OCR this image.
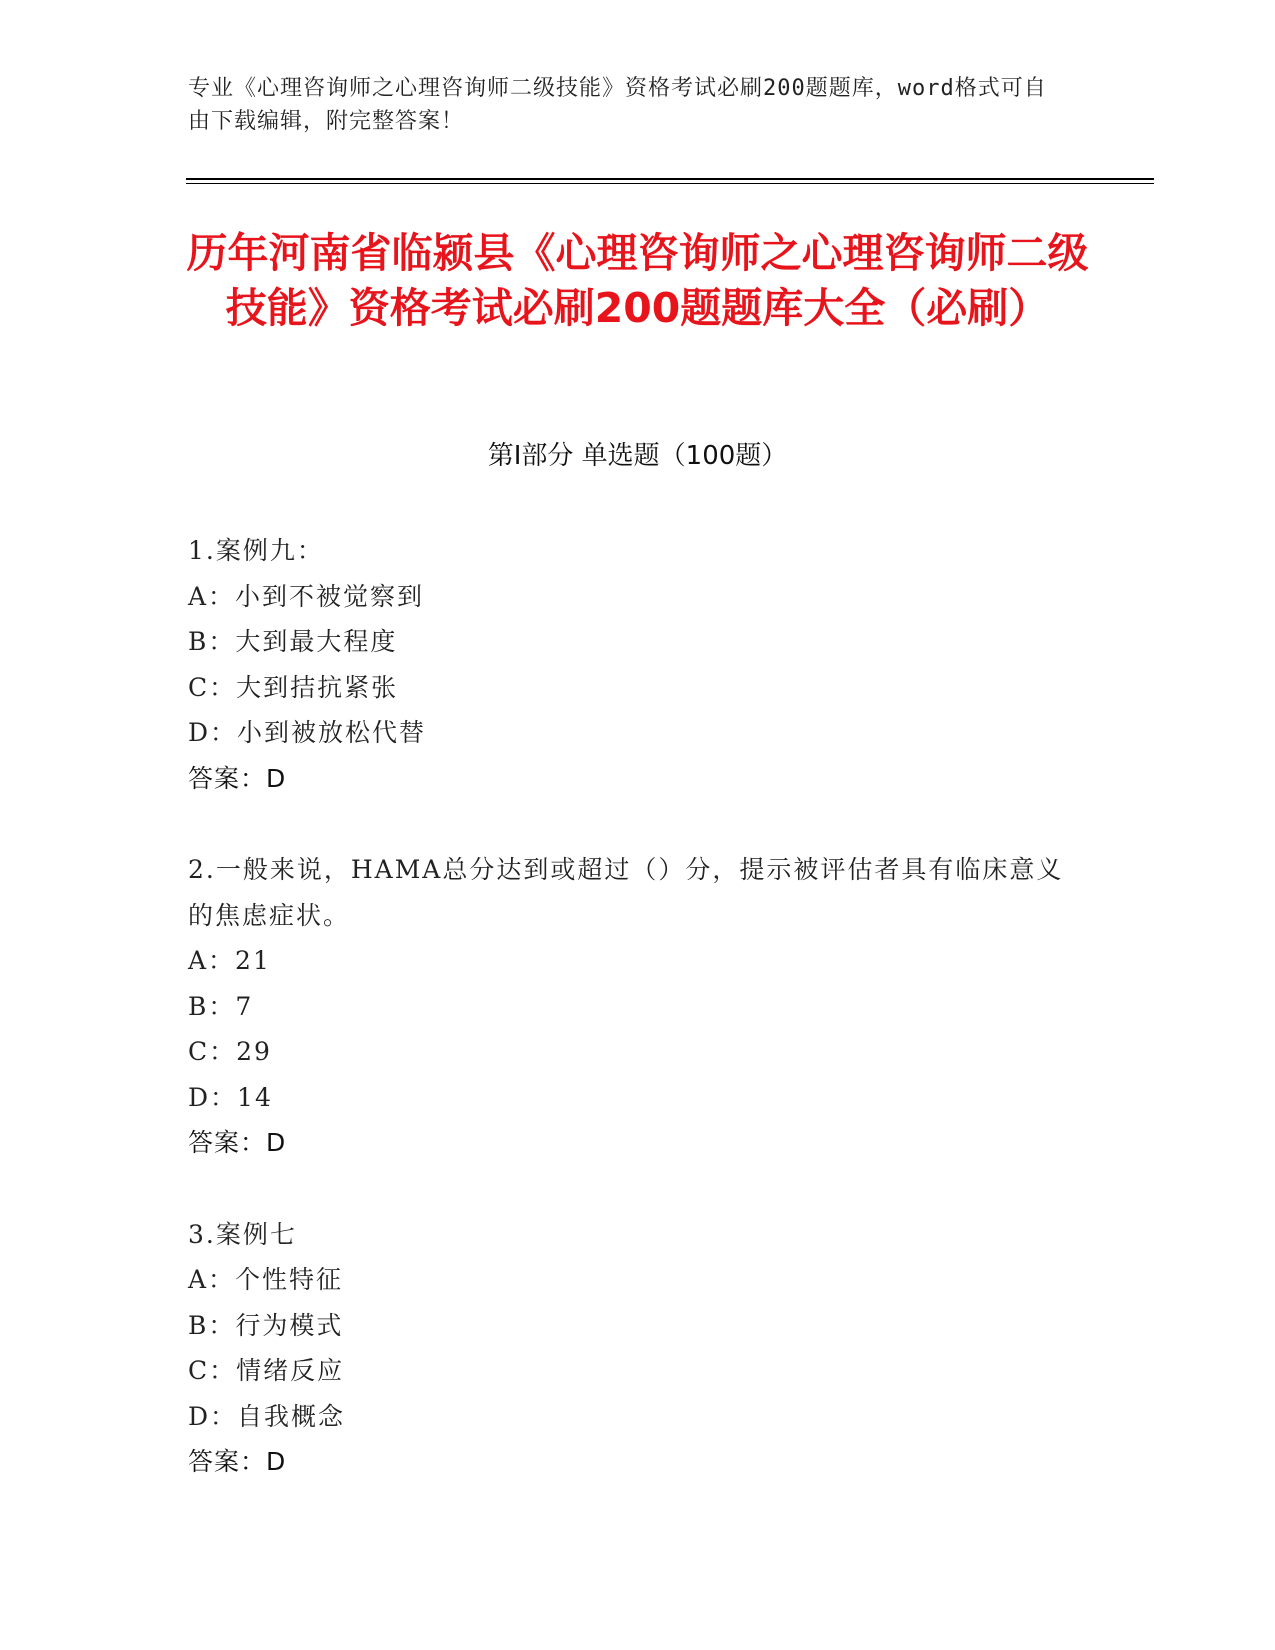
专业《心理咨询师之心理咨询师二级技能》资格考试必刷200题题库，word格式可自由下载编辑，附完整答案！
历年河南省临颍县《心理咨询师之心理咨询师二级技能》资格考试必刷200题题库大全（必刷）
第Ⅰ部分 单选题（100题）
1.案例九：
A：小到不被觉察到
B：大到最大程度
C：大到拮抗紧张
D：小到被放松代替
答案：D
2.一般来说，HAMA总分达到或超过（）分，提示被评估者具有临床意义的焦虑症状。
A：21
B：7
C：29
D：14
答案：D
3.案例七
A：个性特征
B：行为模式
C：情绪反应
D：自我概念
答案：D
